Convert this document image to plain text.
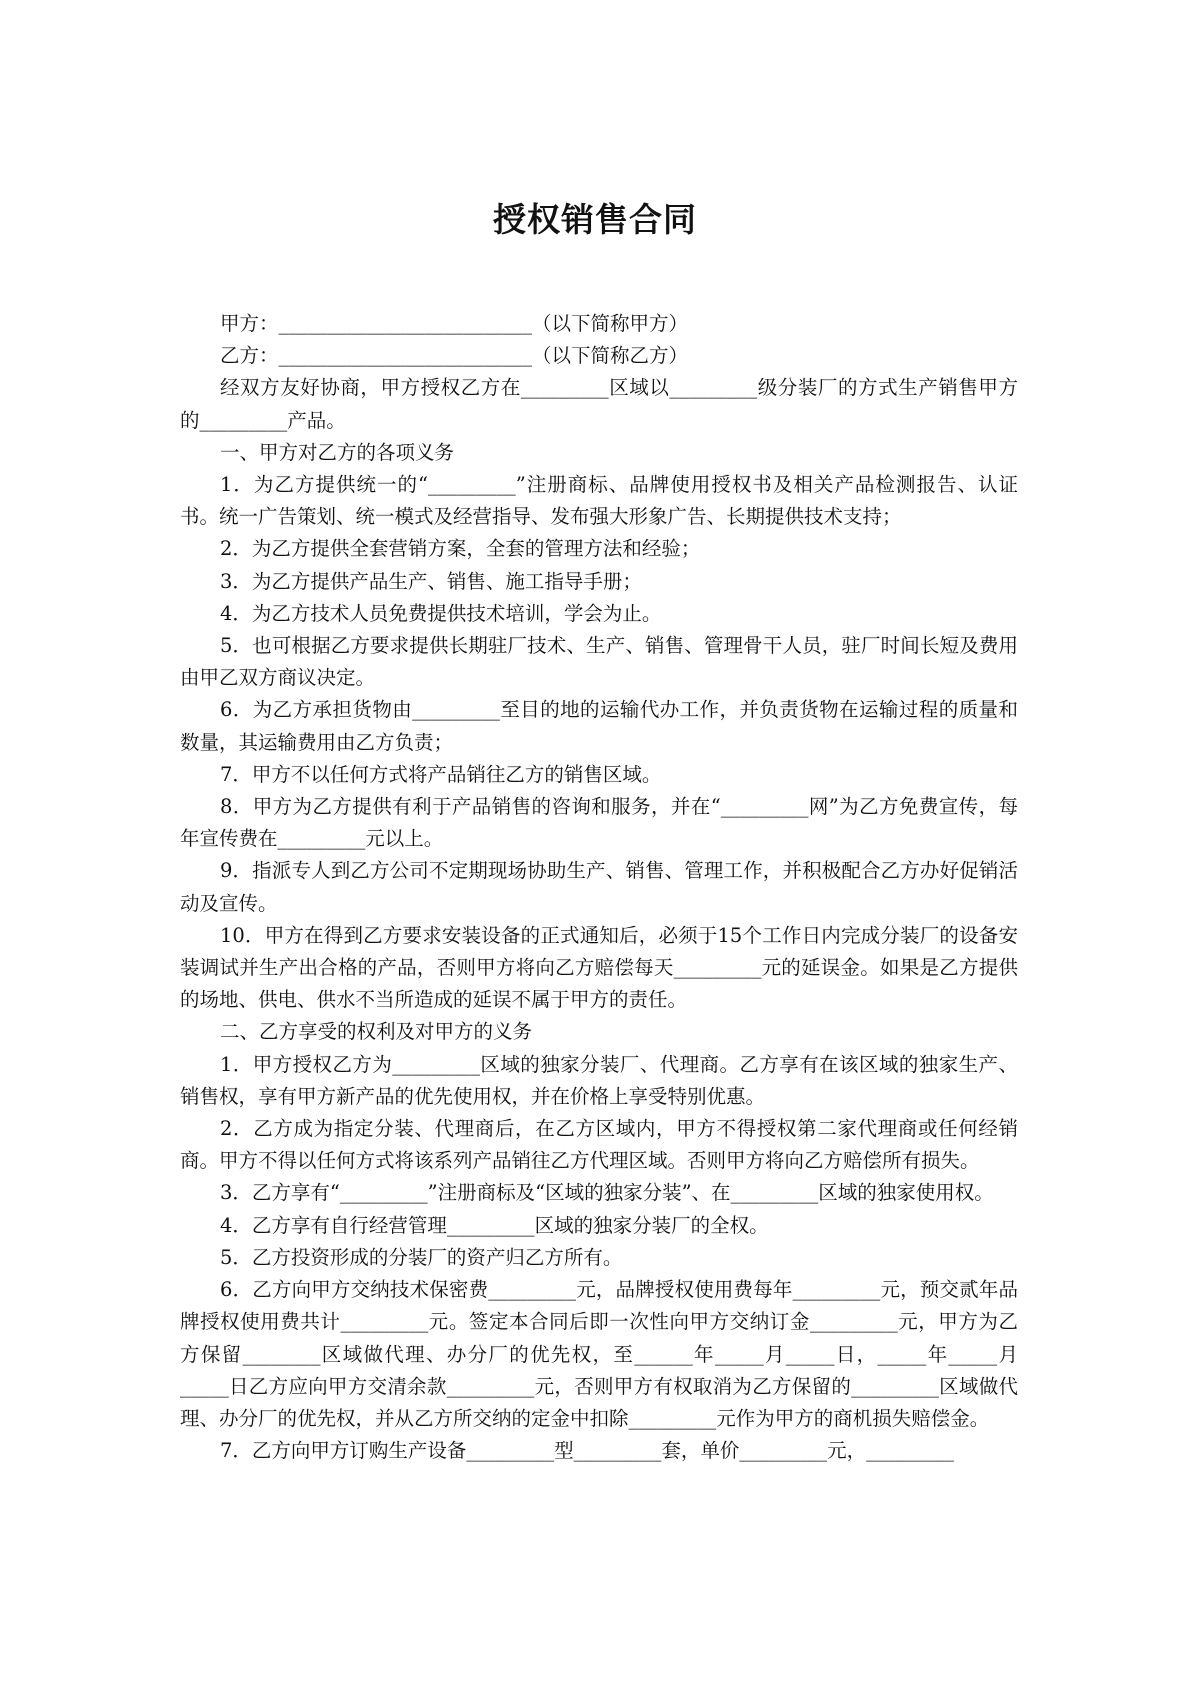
授权销售合同

甲方：__________________________（以下简称甲方）

乙方：__________________________（以下简称乙方）

经双方友好协商，甲方授权乙方在_________区域以_________级分装厂的方式生产销售甲方的_________产品。

一、甲方对乙方的各项义务

1．为乙方提供统一的“_________”注册商标、品牌使用授权书及相关产品检测报告、认证书。统一广告策划、统一模式及经营指导、发布强大形象广告、长期提供技术支持；

2．为乙方提供全套营销方案，全套的管理方法和经验；

3．为乙方提供产品生产、销售、施工指导手册；

4．为乙方技术人员免费提供技术培训，学会为止。

5．也可根据乙方要求提供长期驻厂技术、生产、销售、管理骨干人员，驻厂时间长短及费用由甲乙双方商议决定。

6．为乙方承担货物由_________至目的地的运输代办工作，并负责货物在运输过程的质量和数量，其运输费用由乙方负责；

7．甲方不以任何方式将产品销往乙方的销售区域。

8．甲方为乙方提供有利于产品销售的咨询和服务，并在“_________网”为乙方免费宣传，每年宣传费在_________元以上。

9．指派专人到乙方公司不定期现场协助生产、销售、管理工作，并积极配合乙方办好促销活动及宣传。

10．甲方在得到乙方要求安装设备的正式通知后，必须于15个工作日内完成分装厂的设备安装调试并生产出合格的产品，否则甲方将向乙方赔偿每天_________元的延误金。如果是乙方提供的场地、供电、供水不当所造成的延误不属于甲方的责任。

二、乙方享受的权利及对甲方的义务

1．甲方授权乙方为_________区域的独家分装厂、代理商。乙方享有在该区域的独家生产、销售权，享有甲方新产品的优先使用权，并在价格上享受特别优惠。

2．乙方成为指定分装、代理商后，在乙方区域内，甲方不得授权第二家代理商或任何经销商。甲方不得以任何方式将该系列产品销往乙方代理区域。否则甲方将向乙方赔偿所有损失。

3．乙方享有“_________”注册商标及“区域的独家分装”、在_________区域的独家使用权。

4．乙方享有自行经营管理_________区域的独家分装厂的全权。

5．乙方投资形成的分装厂的资产归乙方所有。

6．乙方向甲方交纳技术保密费_________元，品牌授权使用费每年_________元，预交贰年品牌授权使用费共计_________元。签定本合同后即一次性向甲方交纳订金_________元，甲方为乙方保留________区域做代理、办分厂的优先权，至______年_____月_____日，_____年_____月_____日乙方应向甲方交清余款_________元，否则甲方有权取消为乙方保留的_________区域做代理、办分厂的优先权，并从乙方所交纳的定金中扣除_________元作为甲方的商机损失赔偿金。

7．乙方向甲方订购生产设备_________型_________套，单价_________元，_________
